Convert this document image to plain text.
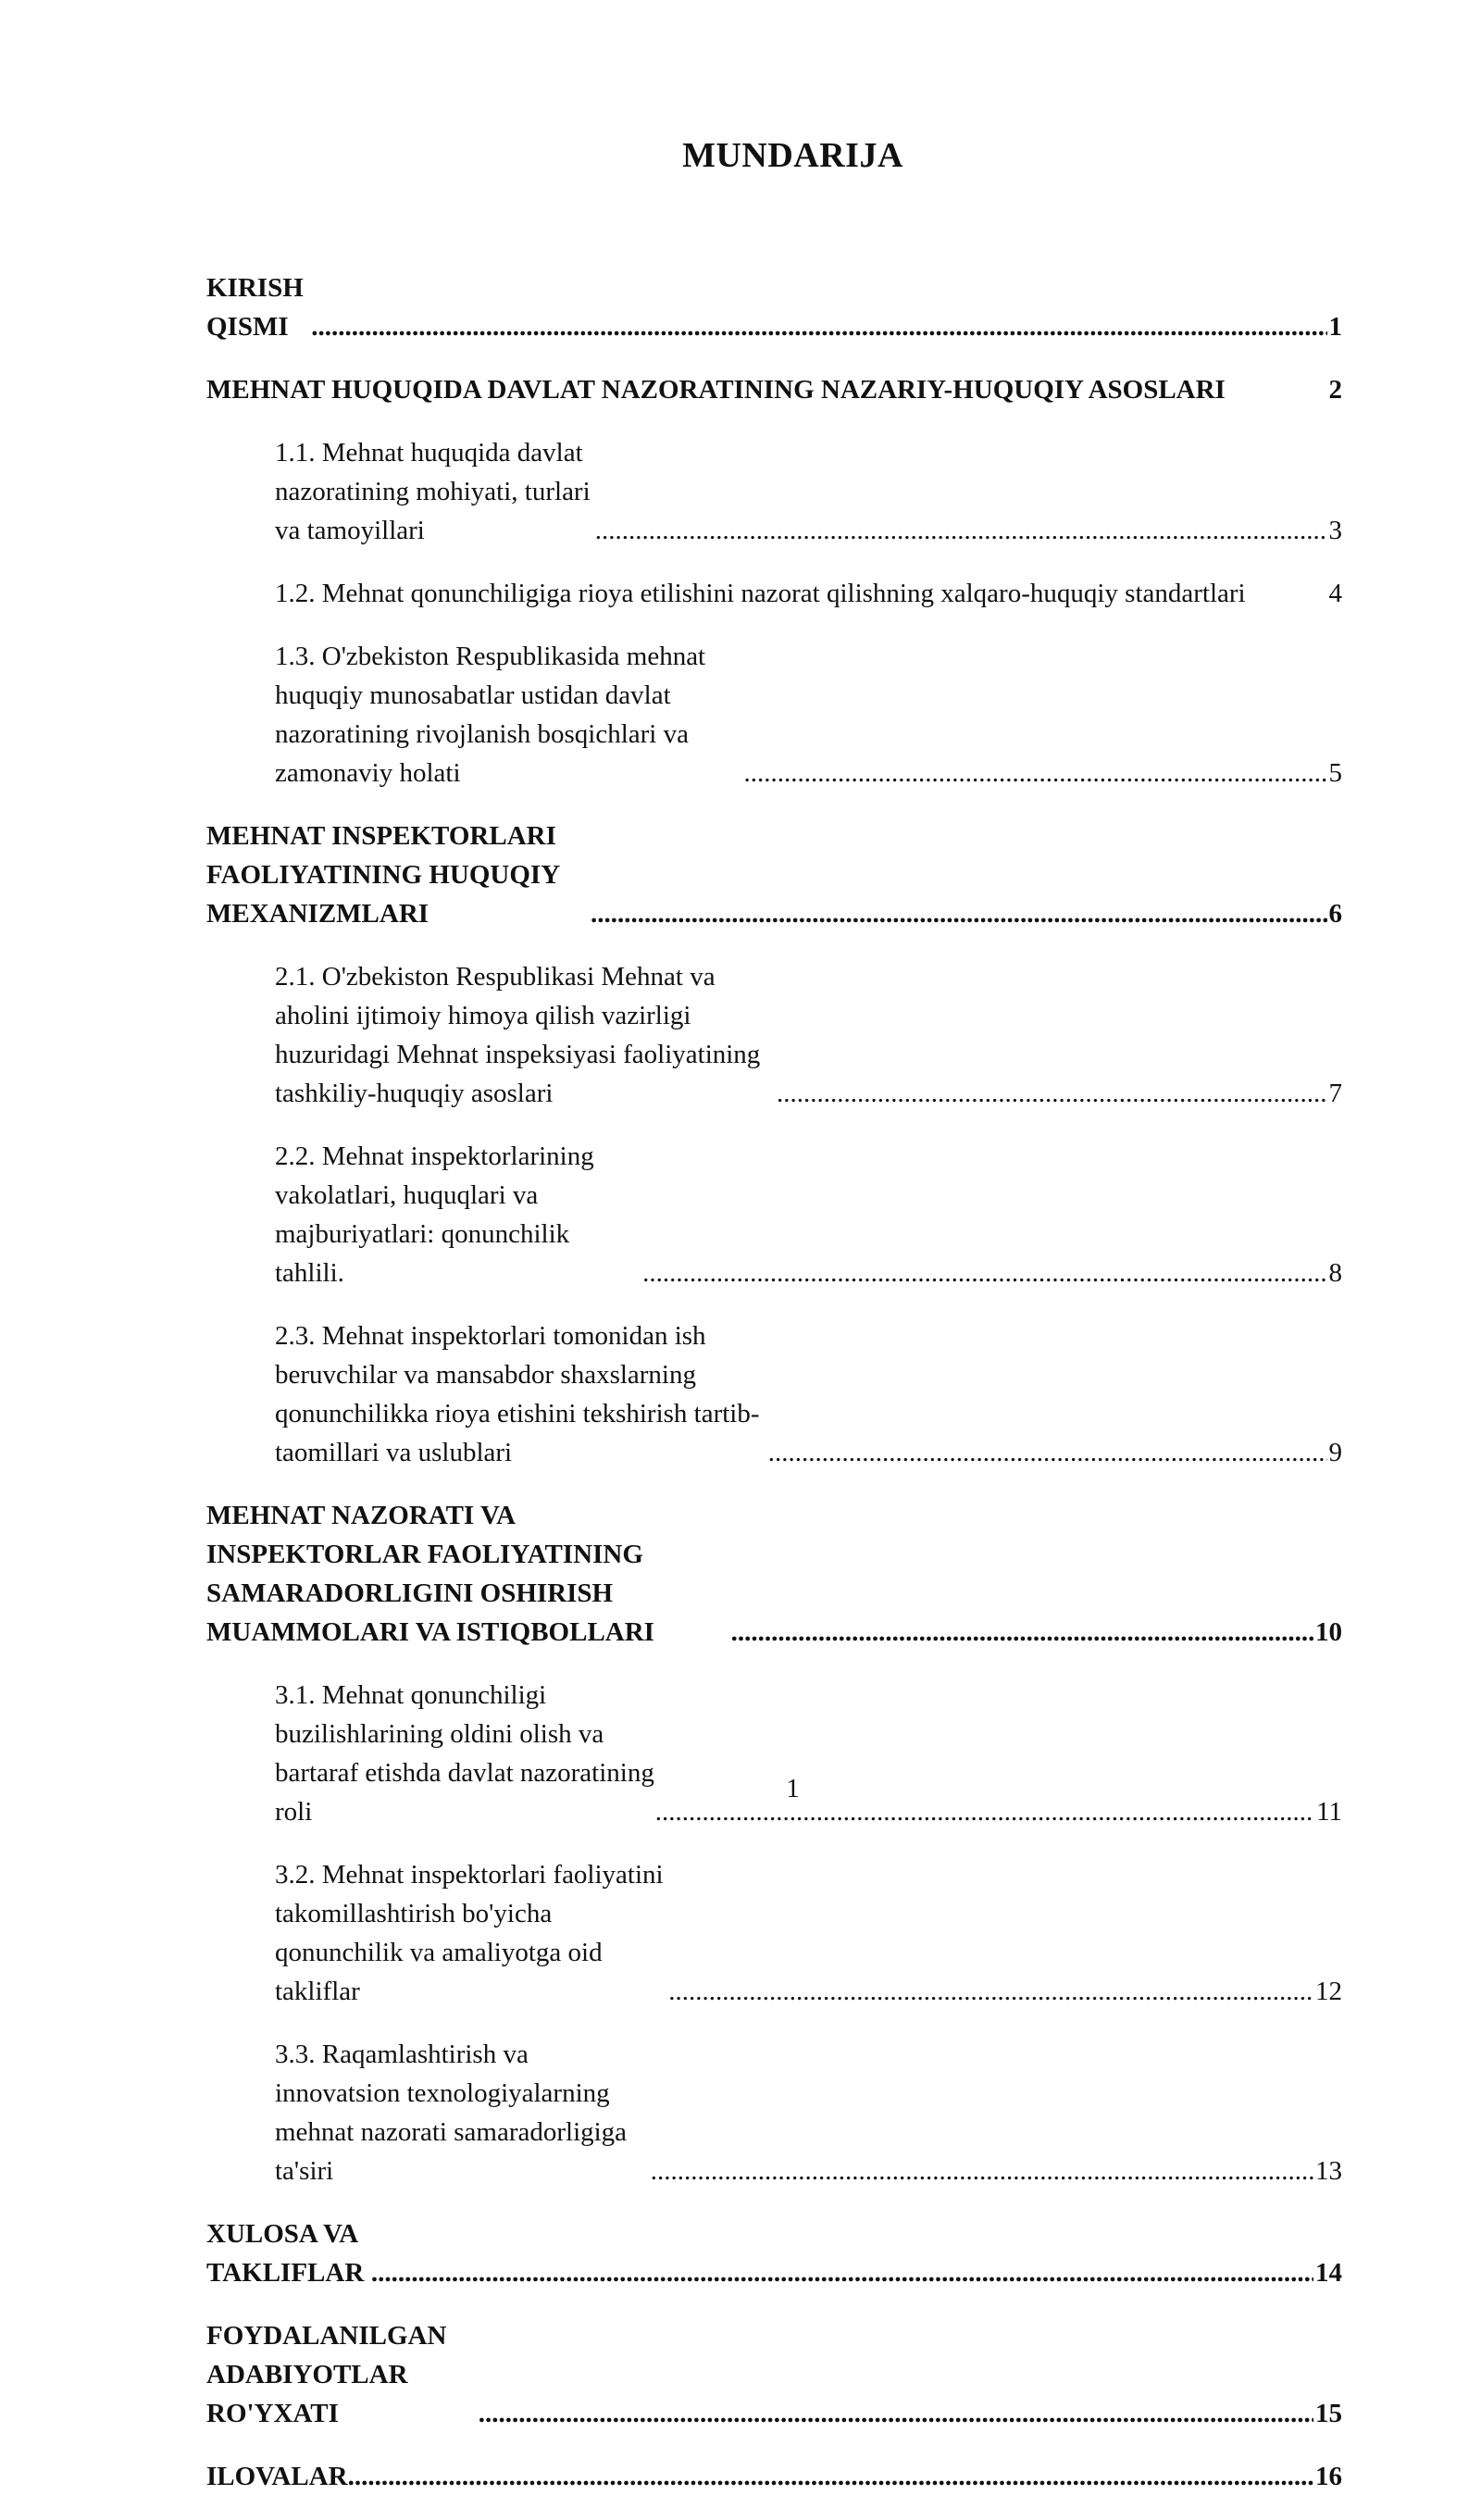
MUNDARIJA
KIRISH QISMI .....	1
MEHNAT HUQUQIDA DAVLAT NAZORATINING NAZARIY-HUQUQIY ASOSLARI	2
1.1. Mehnat huquqida davlat nazoratining mohiyati, turlari va tamoyillari .....	3
1.2. Mehnat qonunchiligiga rioya etilishini nazorat qilishning xalqaro-huquqiy standartlari	4
1.3. O'zbekiston Respublikasida mehnat huquqiy munosabatlar ustidan davlat nazoratining rivojlanish bosqichlari va zamonaviy holati .....	5
MEHNAT INSPEKTORLARI FAOLIYATINING HUQUQIY MEXANIZMLARI .....	6
2.1. O'zbekiston Respublikasi Mehnat va aholini ijtimoiy himoya qilish vazirligi huzuridagi Mehnat inspeksiyasi faoliyatining tashkiliy-huquqiy asoslari .....	7
2.2. Mehnat inspektorlarining vakolatlari, huquqlari va majburiyatlari: qonunchilik tahlili. .....	8
2.3. Mehnat inspektorlari tomonidan ish beruvchilar va mansabdor shaxslarning qonunchilikka rioya etishini tekshirish tartib-taomillari va uslublari .....	9
MEHNAT NAZORATI VA INSPEKTORLAR FAOLIYATINING SAMARADORLIGINI OSHIRISH MUAMMOLARI VA ISTIQBOLLARI .....	10
3.1. Mehnat qonunchiligi buzilishlarining oldini olish va bartaraf etishda davlat nazoratining roli .....	11
3.2. Mehnat inspektorlari faoliyatini takomillashtirish bo'yicha qonunchilik va amaliyotga oid takliflar .....	12
3.3. Raqamlashtirish va innovatsion texnologiyalarning mehnat nazorati samaradorligiga ta'siri .....	13
XULOSA VA TAKLIFLAR .....	14
FOYDALANILGAN ADABIYOTLAR RO'YXATI .....	15
ILOVALAR .....	16
1
